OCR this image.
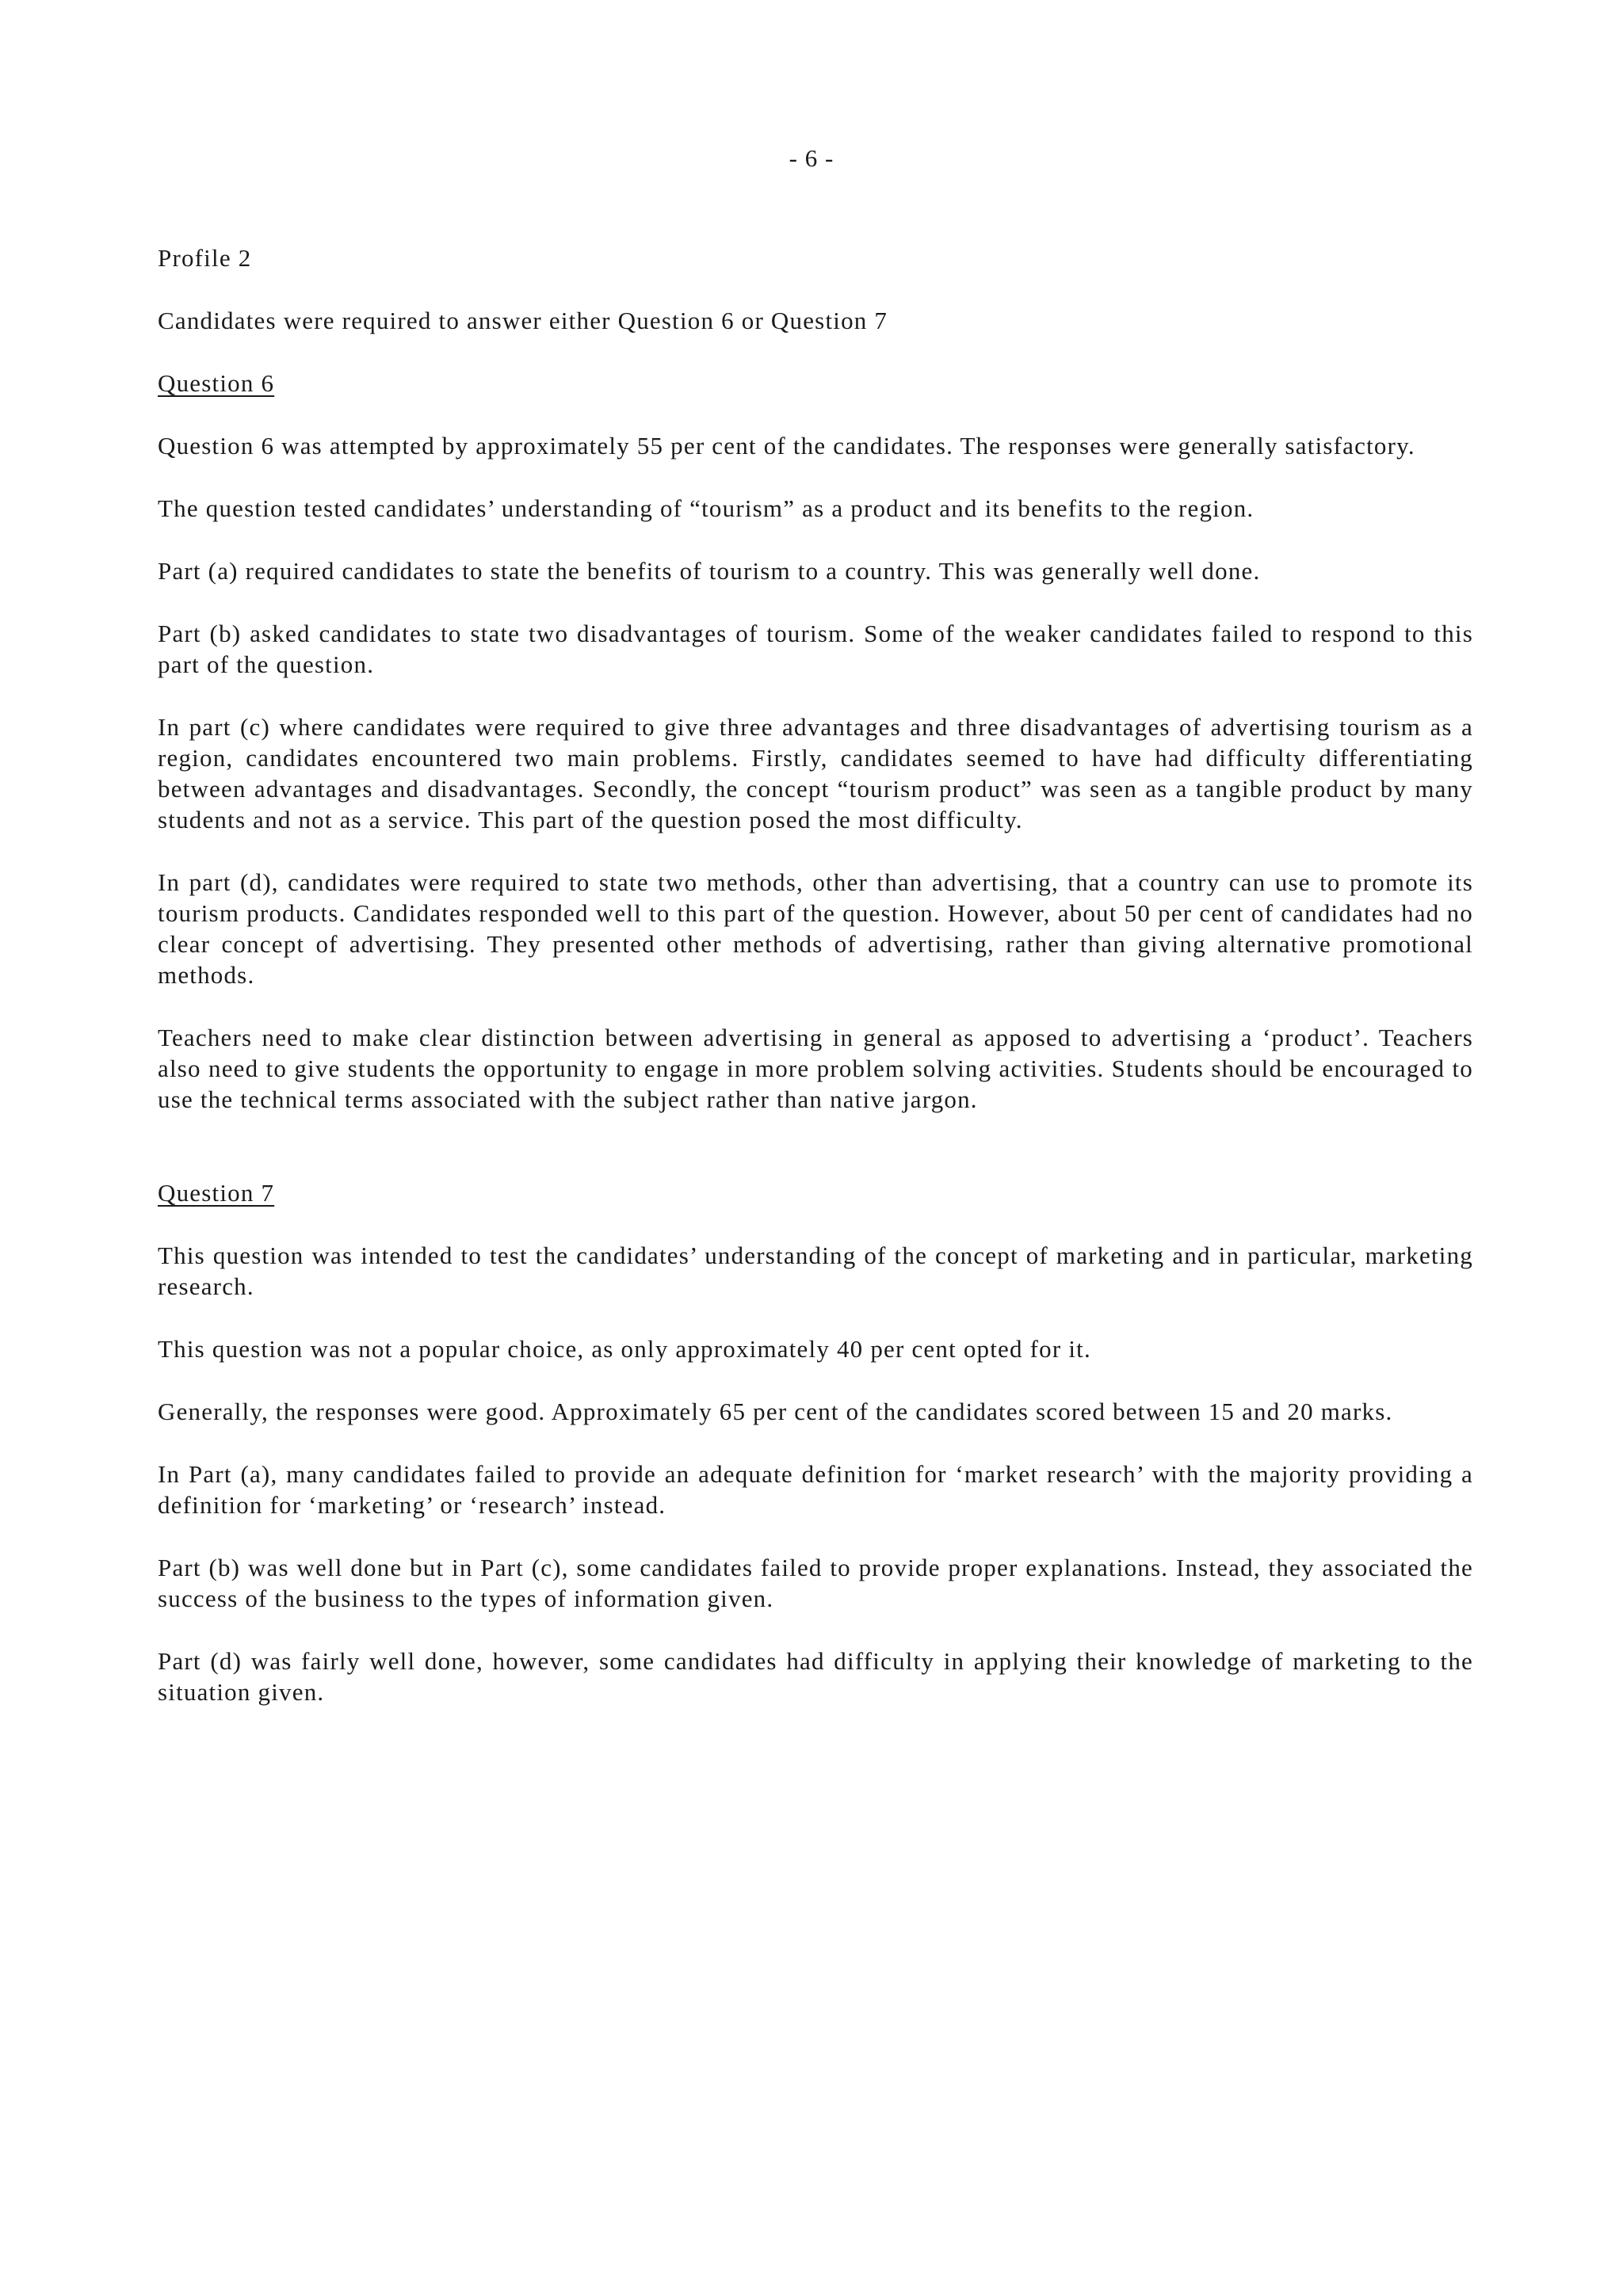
- 6 -

Profile 2

Candidates were required to answer either Question 6 or Question 7

Question 6

Question 6 was attempted by approximately 55 per cent of the candidates. The responses were generally satisfactory.

The question tested candidates’ understanding of “tourism” as a product and its benefits to the region.

Part (a) required candidates to state the benefits of tourism to a country. This was generally well done.

Part (b) asked candidates to state two disadvantages of tourism. Some of the weaker candidates failed to respond to this part of the question.

In part (c) where candidates were required to give three advantages and three disadvantages of advertising tourism as a region, candidates encountered two main problems. Firstly, candidates seemed to have had difficulty differentiating between advantages and disadvantages. Secondly, the concept “tourism product” was seen as a tangible product by many students and not as a service. This part of the question posed the most difficulty.

In part (d), candidates were required to state two methods, other than advertising, that a country can use to promote its tourism products. Candidates responded well to this part of the question. However, about 50 per cent of candidates had no clear concept of advertising. They presented other methods of advertising, rather than giving alternative promotional methods.

Teachers need to make clear distinction between advertising in general as apposed to advertising a ‘product’. Teachers also need to give students the opportunity to engage in more problem solving activities. Students should be encouraged to use the technical terms associated with the subject rather than native jargon.

Question 7

This question was intended to test the candidates’ understanding of the concept of marketing and in particular, marketing research.

This question was not a popular choice, as only approximately 40 per cent opted for it.

Generally, the responses were good. Approximately 65 per cent of the candidates scored between 15 and 20 marks.

In Part (a), many candidates failed to provide an adequate definition for ‘market research’ with the majority providing a definition for ‘marketing’ or ‘research’ instead.

Part (b) was well done but in Part (c), some candidates failed to provide proper explanations. Instead, they associated the success of the business to the types of information given.

Part (d) was fairly well done, however, some candidates had difficulty in applying their knowledge of marketing to the situation given.
